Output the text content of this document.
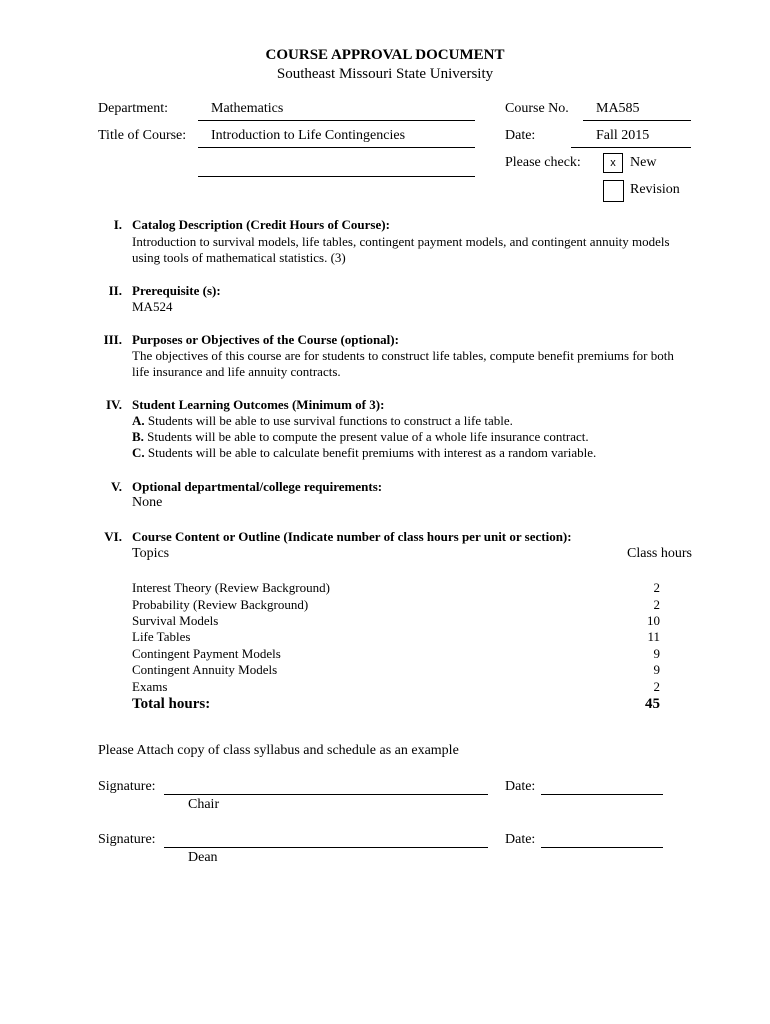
COURSE APPROVAL DOCUMENT
Southeast Missouri State University
Department:	Mathematics	Course No. MA585
Title of Course: Introduction to Life Contingencies	Date:	Fall 2015
Please check:	x	New
Revision
I. Catalog Description (Credit Hours of Course):
Introduction to survival models, life tables, contingent payment models, and contingent annuity models using tools of mathematical statistics. (3)
II. Prerequisite (s):
MA524
III. Purposes or Objectives of the Course (optional):
The objectives of this course are for students to construct life tables, compute benefit premiums for both life insurance and life annuity contracts.
IV. Student Learning Outcomes (Minimum of 3):
A. Students will be able to use survival functions to construct a life table.
B. Students will be able to compute the present value of a whole life insurance contract.
C. Students will be able to calculate benefit premiums with interest as a random variable.
V. Optional departmental/college requirements:
None
VI. Course Content or Outline (Indicate number of class hours per unit or section):
Topics	Class hours
Interest Theory (Review Background)	2
Probability (Review Background)	2
Survival Models	10
Life Tables	11
Contingent Payment Models	9
Contingent Annuity Models	9
Exams	2
Total hours:	45
Please Attach copy of class syllabus and schedule as an example
Signature:	Date:
Chair
Signature:	Date:
Dean
